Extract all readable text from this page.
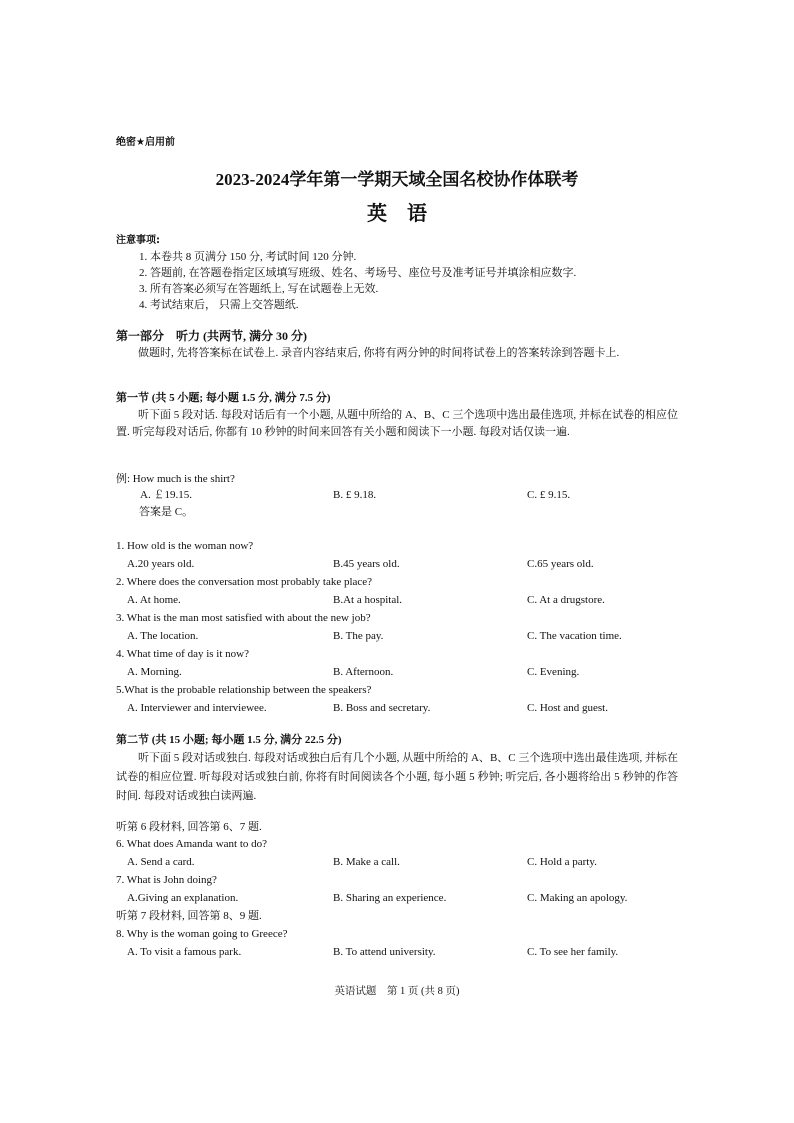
绝密★启用前
2023-2024学年第一学期天域全国名校协作体联考
英　语
注意事项:
1. 本卷共 8 页满分 150 分, 考试时间 120 分钟.
2. 答题前, 在答题卷指定区域填写班级、姓名、考场号、座位号及准考证号并填涂相应数字.
3. 所有答案必须写在答题纸上, 写在试题卷上无效.
4. 考试结束后， 只需上交答题纸.
第一部分　听力 (共两节, 满分 30 分)
做题时, 先将答案标在试卷上. 录音内容结束后, 你将有两分钟的时间将试卷上的答案转涂到答题卡上.
第一节 (共 5 小题; 每小题 1.5 分, 满分 7.5 分)
听下面 5 段对话. 每段对话后有一个小题, 从题中所给的 A、B、C 三个选项中选出最佳选项, 并标在试卷的相应位置. 听完每段对话后, 你都有 10 秒钟的时间来回答有关小题和阅读下一小题. 每段对话仅读一遍.
例: How much is the shirt?
A. ￡19.15.	B. £ 9.18.	C. £ 9.15.
答案是 C。
1. How old is the woman now?
A.20 years old.	B.45 years old.	C.65 years old.
2. Where does the conversation most probably take place?
A. At home.	B.At a hospital.	C. At a drugstore.
3. What is the man most satisfied with about the new job?
A. The location.	B. The pay.	C. The vacation time.
4. What time of day is it now?
A. Morning.	B. Afternoon.	C. Evening.
5.What is the probable relationship between the speakers?
A. Interviewer and interviewee.	B. Boss and secretary.	C. Host and guest.
第二节 (共 15 小题; 每小题 1.5 分, 满分 22.5 分)
听下面 5 段对话或独白. 每段对话或独白后有几个小题, 从题中所给的 A、B、C 三个选项中选出最佳选项, 并标在试卷的相应位置. 听每段对话或独白前, 你将有时间阅读各个小题, 每小题 5 秒钟; 听完后, 各小题将给出 5 秒钟的作答时间. 每段对话或独白读两遍.
听第 6 段材料, 回答第 6、7 题.
6. What does Amanda want to do?
A. Send a card.	B. Make a call.	C. Hold a party.
7. What is John doing?
A.Giving an explanation.	B. Sharing an experience.	C. Making an apology.
听第 7 段材料, 回答第 8、9 题.
8. Why is the woman going to Greece?
A. To visit a famous park.	B. To attend university.	C. To see her family.
英语试题　第 1 页 (共 8 页)
